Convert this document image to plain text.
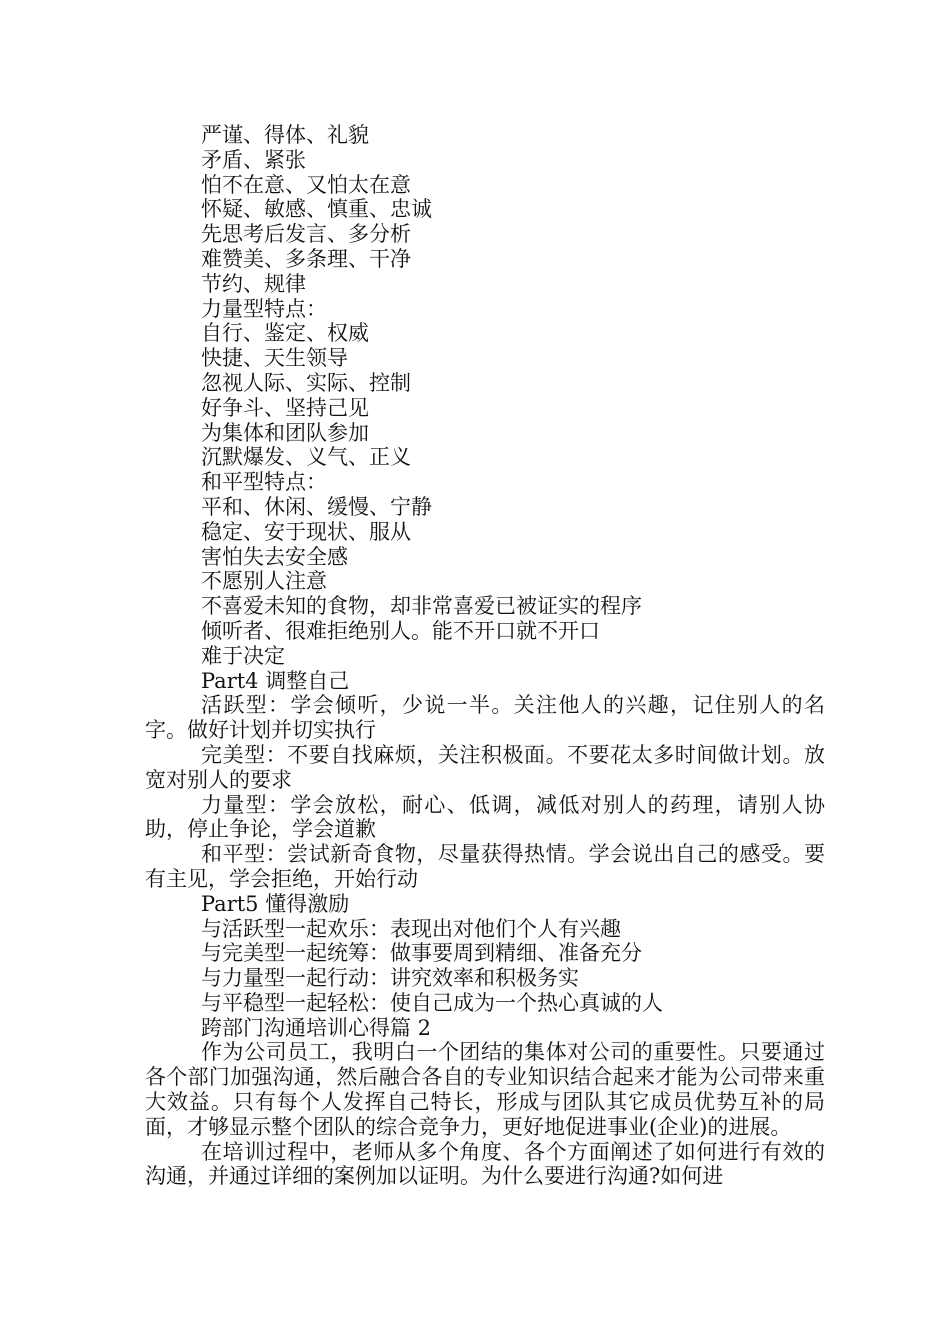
严谨、得体、礼貌
矛盾、紧张
怕不在意、又怕太在意
怀疑、敏感、慎重、忠诚
先思考后发言、多分析
难赞美、多条理、干净
节约、规律
力量型特点：
自行、鉴定、权威
快捷、天生领导
忽视人际、实际、控制
好争斗、坚持己见
为集体和团队参加
沉默爆发、义气、正义
和平型特点：
平和、休闲、缓慢、宁静
稳定、安于现状、服从
害怕失去安全感
不愿别人注意
不喜爱未知的食物，却非常喜爱已被证实的程序
倾听者、很难拒绝别人。能不开口就不开口
难于决定
Part4 调整自己

活跃型：学会倾听，少说一半。关注他人的兴趣，记住别人的名字。做好计划并切实执行

完美型：不要自找麻烦，关注积极面。不要花太多时间做计划。放宽对别人的要求

力量型：学会放松，耐心、低调，减低对别人的药理，请别人协助，停止争论，学会道歉

和平型：尝试新奇食物，尽量获得热情。学会说出自己的感受。要有主见，学会拒绝，开始行动

Part5 懂得激励
与活跃型一起欢乐：表现出对他们个人有兴趣
与完美型一起统筹：做事要周到精细、准备充分
与力量型一起行动：讲究效率和积极务实
与平稳型一起轻松：使自己成为一个热心真诚的人
跨部门沟通培训心得篇 2

作为公司员工，我明白一个团结的集体对公司的重要性。只要通过各个部门加强沟通，然后融合各自的专业知识结合起来才能为公司带来重大效益。只有每个人发挥自己特长，形成与团队其它成员优势互补的局面，才够显示整个团队的综合竞争力，更好地促进事业(企业)的进展。

在培训过程中，老师从多个角度、各个方面阐述了如何进行有效的沟通，并通过详细的案例加以证明。为什么要进行沟通?如何进
